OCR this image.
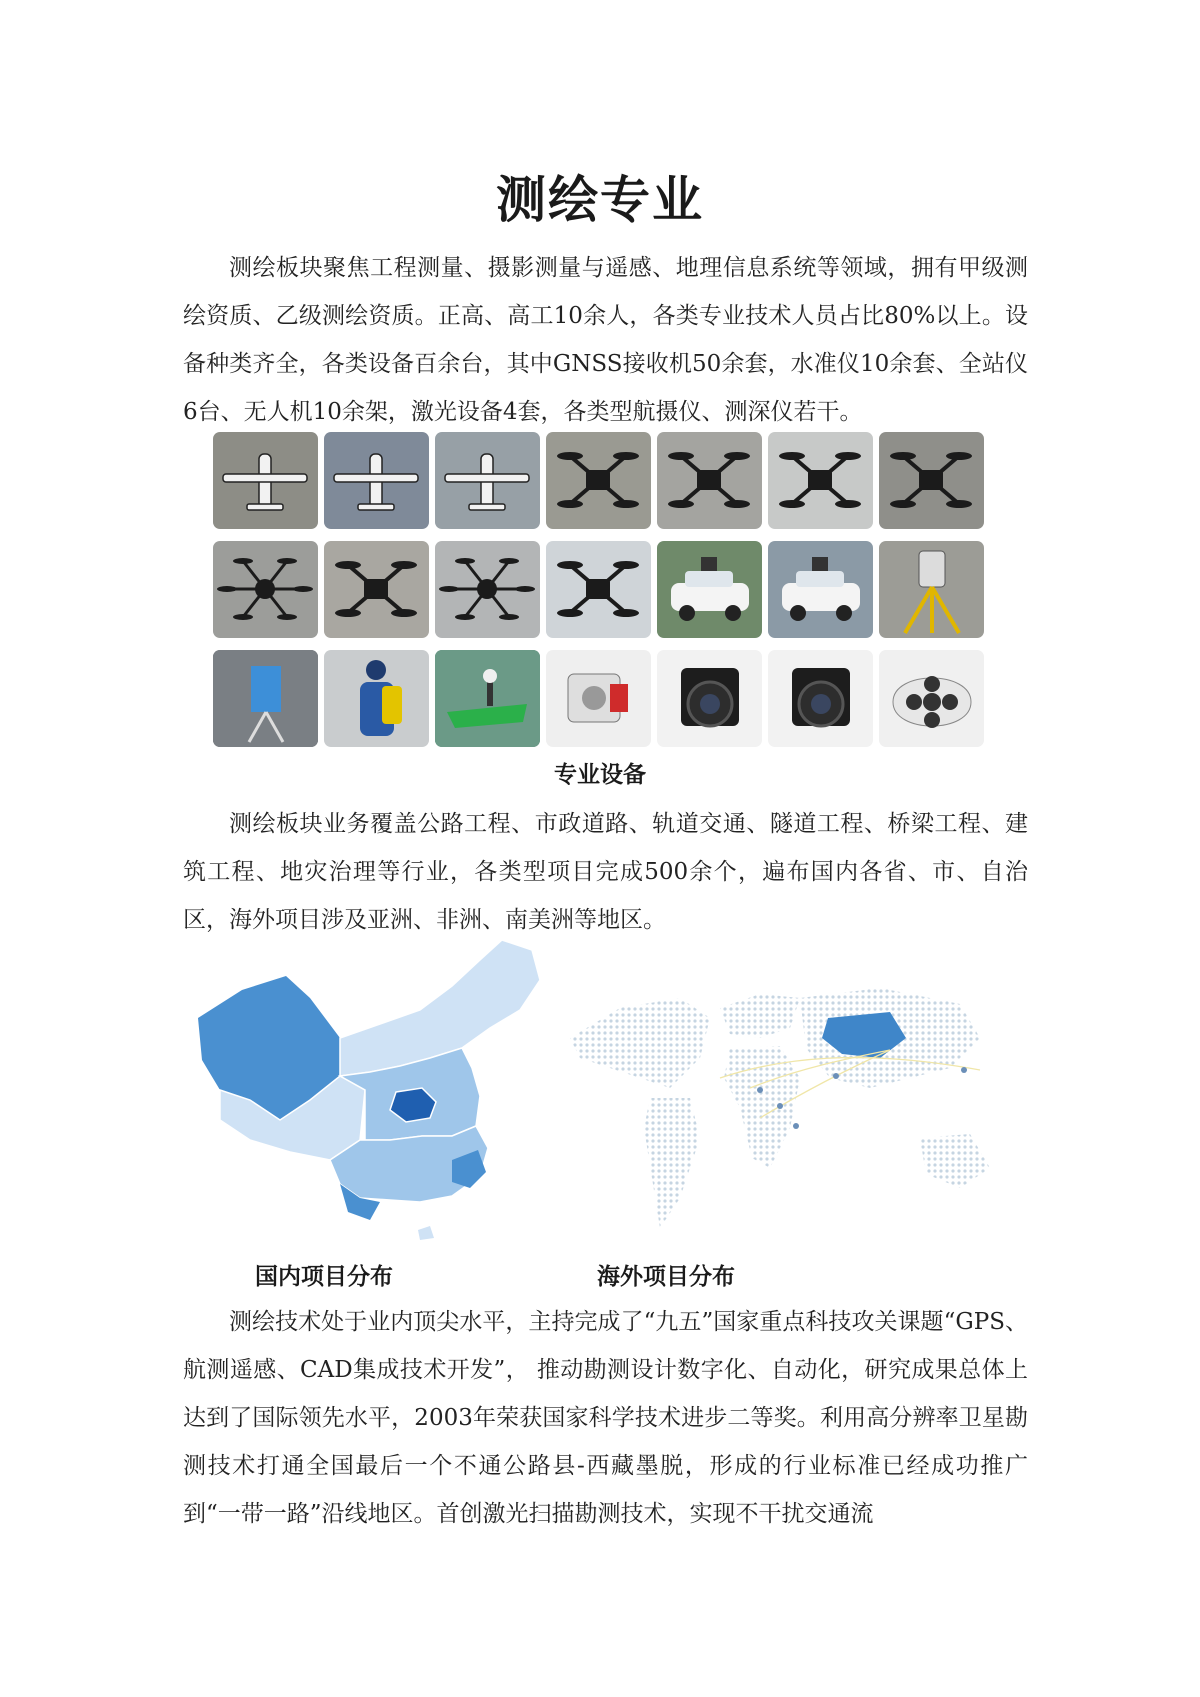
测绘专业

测绘板块聚焦工程测量、摄影测量与遥感、地理信息系统等领域，拥有甲级测绘资质、乙级测绘资质。正高、高工10余人，各类专业技术人员占比80%以上。设备种类齐全，各类设备百余台，其中GNSS接收机50余套，水准仪10余套、全站仪6台、无人机10余架，激光设备4套，各类型航摄仪、测深仪若干。

专业设备

测绘板块业务覆盖公路工程、市政道路、轨道交通、隧道工程、桥梁工程、建筑工程、地灾治理等行业，各类型项目完成500余个，遍布国内各省、市、自治区，海外项目涉及亚洲、非洲、南美洲等地区。

国内项目分布	海外项目分布

测绘技术处于业内顶尖水平，主持完成了“九五”国家重点科技攻关课题“GPS、航测遥感、CAD集成技术开发”， 推动勘测设计数字化、自动化，研究成果总体上达到了国际领先水平，2003年荣获国家科学技术进步二等奖。利用高分辨率卫星勘测技术打通全国最后一个不通公路县-西藏墨脱，形成的行业标准已经成功推广到“一带一路”沿线地区。首创激光扫描勘测技术，实现不干扰交通流
